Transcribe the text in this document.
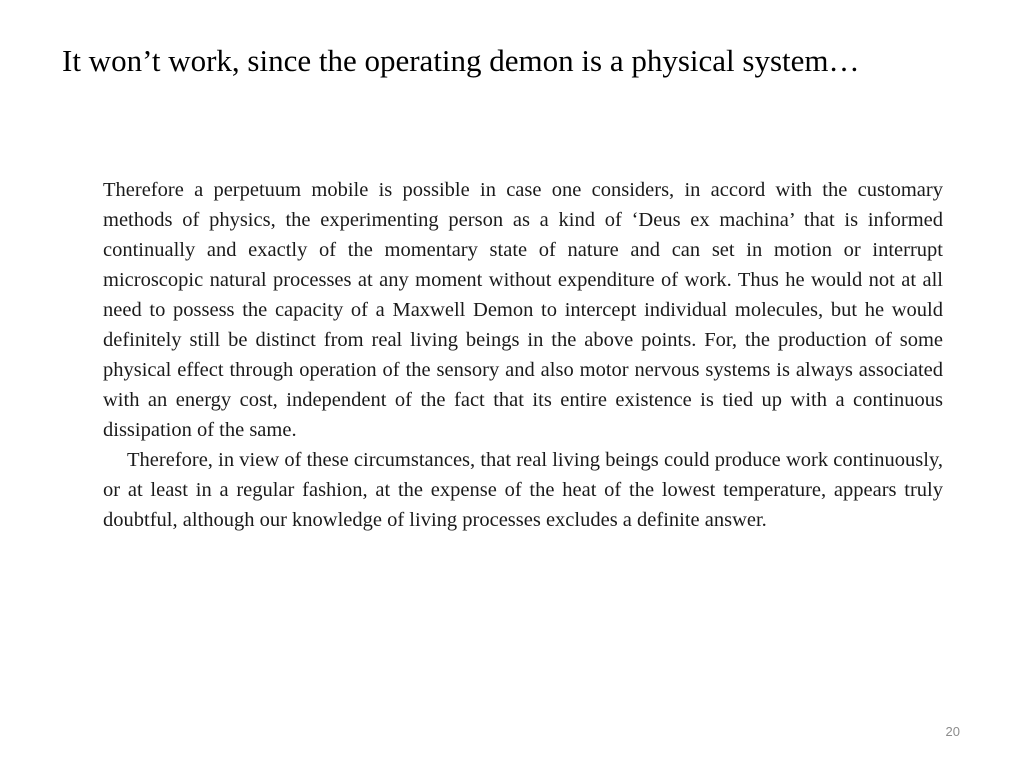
It won’t work, since the operating demon is a physical system…

Therefore a perpetuum mobile is possible in case one considers, in accord with the customary methods of physics, the experimenting person as a kind of ‘Deus ex machina’ that is informed continually and exactly of the momentary state of nature and can set in motion or interrupt microscopic natural processes at any moment without expenditure of work. Thus he would not at all need to possess the capacity of a Maxwell Demon to intercept individual molecules, but he would definitely still be distinct from real living beings in the above points. For, the production of some physical effect through operation of the sensory and also motor nervous systems is always associated with an energy cost, independent of the fact that its entire existence is tied up with a continuous dissipation of the same.

Therefore, in view of these circumstances, that real living beings could produce work continuously, or at least in a regular fashion, at the expense of the heat of the lowest temperature, appears truly doubtful, although our knowledge of living processes excludes a definite answer.

20
